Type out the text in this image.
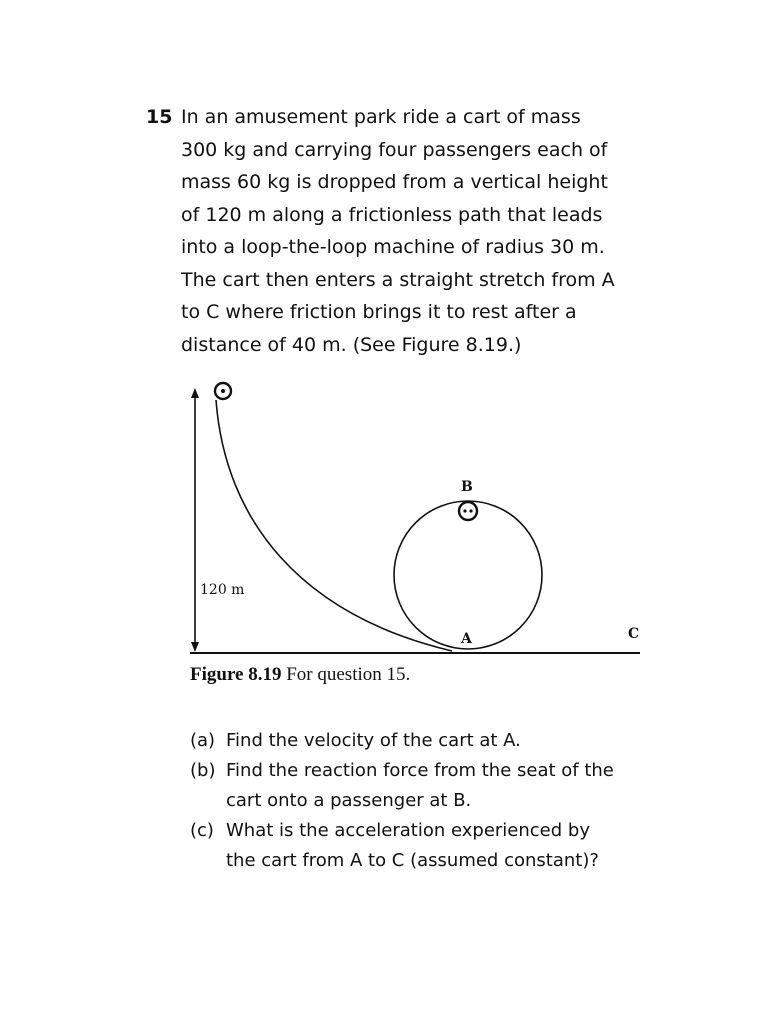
15 In an amusement park ride a cart of mass
300 kg and carrying four passengers each of
mass 60 kg is dropped from a vertical height
of 120 m along a frictionless path that leads
into a loop-the-loop machine of radius 30 m.
The cart then enters a straight stretch from A
to C where friction brings it to rest after a
distance of 40 m. (See Figure 8.19.)
120 m
B
A	C
Figure 8.19 For question 15.
(a) Find the velocity of the cart at A.
(b) Find the reaction force from the seat of the
cart onto a passenger at B.
(c) What is the acceleration experienced by
the cart from A to C (assumed constant)?
